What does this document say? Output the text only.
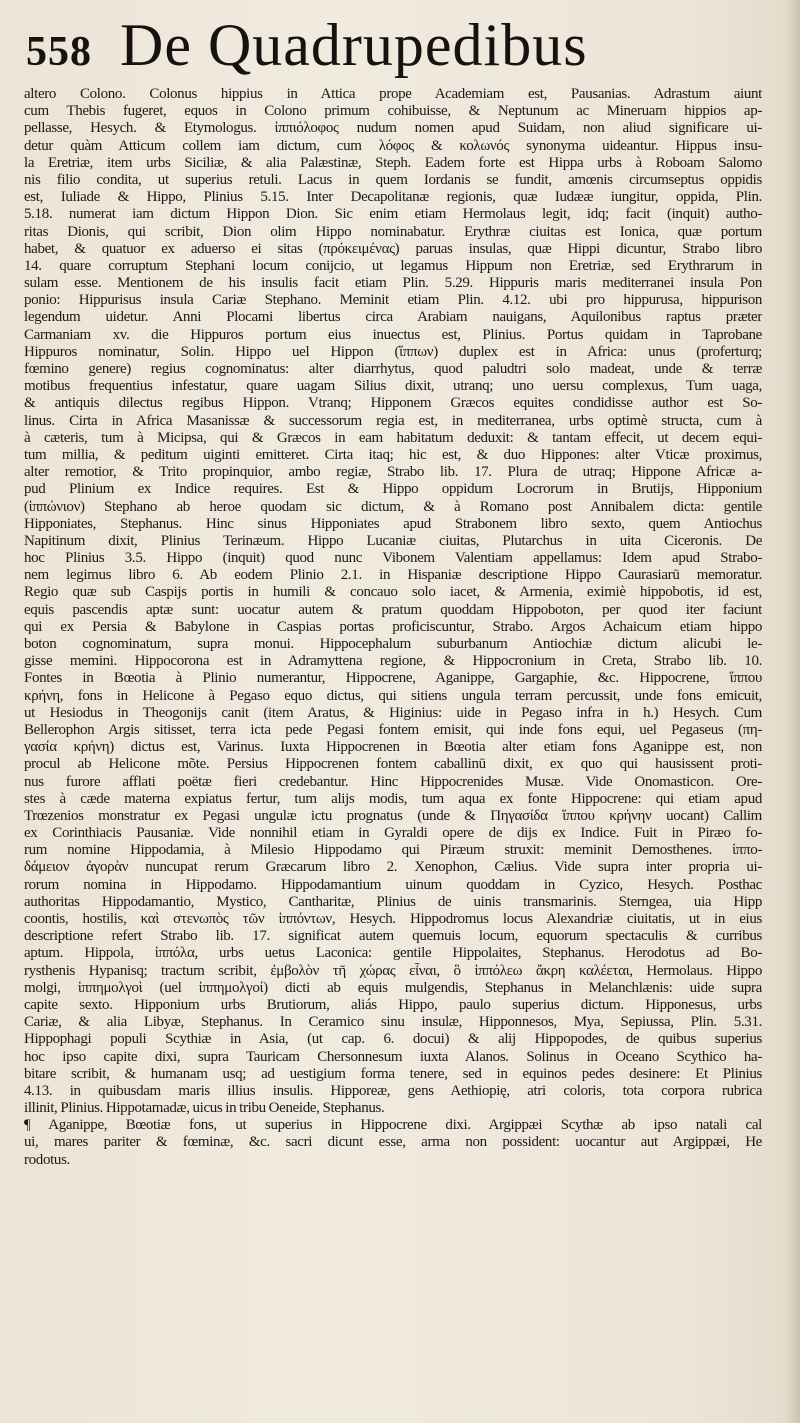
558 De Quadrupedibus
altero Colono. Colonus hippius in Attica prope Academiam est, Pausanias. Adrastum aiunt
cum Thebis fugeret, equos in Colono primum cohibuisse, & Neptunum ac Mineruam hippios ap-
pellasse, Hesych. & Etymologus. ἱππιόλοφος nudum nomen apud Suidam, non aliud significare ui-
detur quàm Atticum collem iam dictum, cum λόφος & κολωνός synonyma uideantur. Hippus insu-
la Eretriæ, item urbs Siciliæ, & alia Palæstinæ, Steph. Eadem forte est Hippa urbs à Roboam Salomo
nis filio condita, ut superius retuli. Lacus in quem Iordanis se fundit, amœnis circumseptus oppidis
est, Iuliade & Hippo, Plinius 5.15. Inter Decapolitanæ regionis, quæ Iudææ iungitur, oppida, Plin.
5.18. numerat iam dictum Hippon Dion. Sic enim etiam Hermolaus legit, idq; facit (inquit) autho-
ritas Dionis, qui scribit, Dion olim Hippo nominabatur. Erythræ ciuitas est Ionica, quæ portum
habet, & quatuor ex aduerso ei sitas (πρόκειμένας) paruas insulas, quæ Hippi dicuntur, Strabo libro
14. quare corruptum Stephani locum conijcio, ut legamus Hippum non Eretriæ, sed Erythrarum in
sulam esse. Mentionem de his insulis facit etiam Plin. 5.29. Hippuris maris mediterranei insula Pon
ponio: Hippurisus insula Cariæ Stephano. Meminit etiam Plin. 4.12. ubi pro hippurusa, hippurison
legendum uidetur. Anni Plocami libertus circa Arabiam nauigans, Aquilonibus raptus præter
Carmaniam xv. die Hippuros portum eius inuectus est, Plinius. Portus quidam in Taprobane
Hippuros nominatur, Solin. Hippo uel Hippon (ἵππων) duplex est in Africa: unus (proferturq;
fœmino genere) regius cognominatus: alter diarrhytus, quod paludtri solo madeat, unde & terræ
motibus frequentius infestatur, quare uagam Silius dixit, utranq; uno uersu complexus, Tum uaga,
& antiquis dilectus regibus Hippon. Vtranq; Hipponem Græcos equites condidisse author est So-
linus. Cirta in Africa Masanissæ & successorum regia est, in mediterranea, urbs optimè structa, cum à
à cæteris, tum à Micipsa, qui & Græcos in eam habitatum deduxit: & tantam effecit, ut decem equi-
tum millia, & peditum uiginti emitteret. Cirta itaq; hic est, & duo Hippones: alter Vticæ proximus,
alter remotior, & Trito propinquior, ambo regiæ, Strabo lib. 17. Plura de utraq; Hippone Africæ a-
pud Plinium ex Indice requires. Est & Hippo oppidum Locrorum in Brutijs, Hipponium
(ἱππώνιον) Stephano ab heroe quodam sic dictum, & à Romano post Annibalem dicta: gentile
Hipponiates, Stephanus. Hinc sinus Hipponiates apud Strabonem libro sexto, quem Antiochus
Napitinum dixit, Plinius Terinæum. Hippo Lucaniæ ciuitas, Plutarchus in uita Ciceronis. De
hoc Plinius 3.5. Hippo (inquit) quod nunc Vibonem Valentiam appellamus: Idem apud Strabo-
nem legimus libro 6. Ab eodem Plinio 2.1. in Hispaniæ descriptione Hippo Caurasiarū memoratur.
Regio quæ sub Caspijs portis in humili & concauo solo iacet, & Armenia, eximiè hippobotis, id est,
equis pascendis aptæ sunt: uocatur autem & pratum quoddam Hippoboton, per quod iter faciunt
qui ex Persia & Babylone in Caspias portas proficiscuntur, Strabo. Argos Achaicum etiam hippo
boton cognominatum, supra monui. Hippocephalum suburbanum Antiochiæ dictum alicubi le-
gisse memini. Hippocorona est in Adramyttena regione, & Hippocronium in Creta, Strabo lib. 10.
Fontes in Bœotia à Plinio numerantur, Hippocrene, Aganippe, Gargaphie, &c. Hippocrene, ἵππου
κρήνη, fons in Helicone à Pegaso equo dictus, qui sitiens ungula terram percussit, unde fons emicuit,
ut Hesiodus in Theogonijs canit (item Aratus, & Higinius: uide in Pegaso infra in h.) Hesych. Cum
Bellerophon Argis sitisset, terra icta pede Pegasi fontem emisit, qui inde fons equi, uel Pegaseus (πη-
γασία κρήνη) dictus est, Varinus. Iuxta Hippocrenen in Bœotia alter etiam fons Aganippe est, non
procul ab Helicone mõte. Persius Hippocrenen fontem caballinū dixit, ex quo qui hausissent proti-
nus furore afflati poëtæ fieri credebantur. Hinc Hippocrenides Musæ. Vide Onomasticon. Ore-
stes à cæde materna expiatus fertur, tum alijs modis, tum aqua ex fonte Hippocrene: qui etiam apud
Trœzenios monstratur ex Pegasi ungulæ ictu prognatus (unde & Πηγασίδα ἵππου κρήνην uocant) Callim
ex Corinthiacis Pausaniæ. Vide nonnihil etiam in Gyraldi opere de dijs ex Indice. Fuit in Piræo fo-
rum nomine Hippodamia, à Milesio Hippodamo qui Piræum struxit: meminit Demosthenes. ἱππο-
δάμειον ἀγορὰν nuncupat rerum Græcarum libro 2. Xenophon, Cælius. Vide supra inter propria ui-
rorum nomina in Hippodamo. Hippodamantium uinum quoddam in Cyzico, Hesych. Posthac
authoritas Hippodamantio, Mystico, Cantharitæ, Plinius de uinis transmarinis. Sterngea, uia Hipp
coontis, hostilis, καὶ στενωπὸς τῶν ἱππόντων, Hesych. Hippodromus locus Alexandriæ ciuitatis, ut in eius
descriptione refert Strabo lib. 17. significat autem quemuis locum, equorum spectaculis & curribus
aptum. Hippola, ἱππόλα, urbs uetus Laconica: gentile Hippolaites, Stephanus. Herodotus ad Bo-
rysthenis Hypanisq; tractum scribit, ἐμβολὸν τῆ χώρας εἶναι, ὃ ἱππόλεω ἄκρη καλέεται, Hermolaus. Hippo
molgi, ἱππημολγοὶ (uel ἱππημολγοί) dicti ab equis mulgendis, Stephanus in Melanchlænis: uide supra
capite sexto. Hipponium urbs Brutiorum, aliás Hippo, paulo superius dictum. Hipponesus, urbs
Cariæ, & alia Libyæ, Stephanus. In Ceramico sinu insulæ, Hipponnesos, Mya, Sepiussa, Plin. 5.31.
Hippophagi populi Scythiæ in Asia, (ut cap. 6. docui) & alij Hippopodes, de quibus superius
hoc ipso capite dixi, supra Tauricam Chersonnesum iuxta Alanos. Solinus in Oceano Scythico ha-
bitare scribit, & humanam usq; ad uestigium forma tenere, sed in equinos pedes desinere: Et Plinius
4.13. in quibusdam maris illius insulis. Hipporeæ, gens Aethiopię, atri coloris, tota corpora rubrica
illinit, Plinius. Hippotamadæ, uicus in tribu Oeneide, Stephanus.
¶ Aganippe, Bœotiæ fons, ut superius in Hippocrene dixi. Argippæi Scythæ ab ipso natali cal
ui, mares pariter & fœminæ, &c. sacri dicunt esse, arma non possident: uocantur aut Argippæi, He
rodotus.
